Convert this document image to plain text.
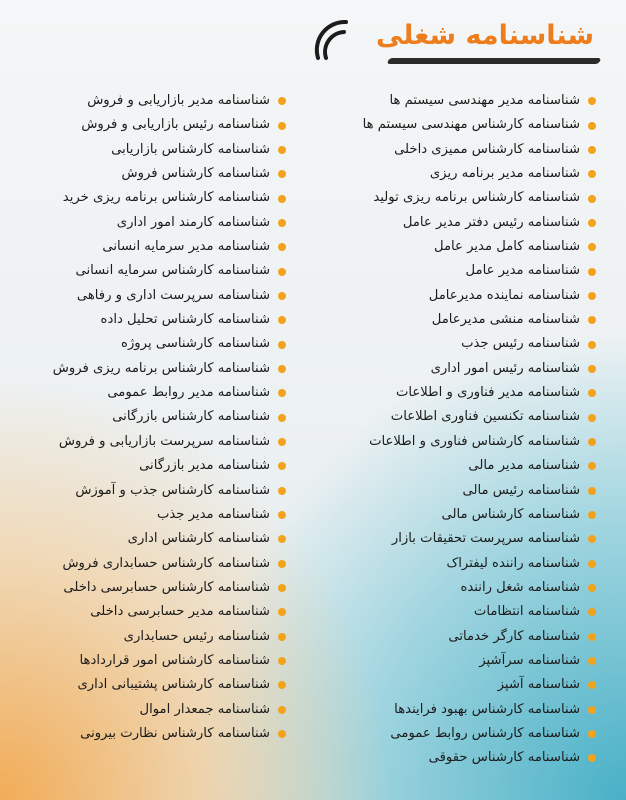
شناسنامه شغلی
شناسنامه مدیر مهندسی سیستم ها
شناسنامه کارشناس مهندسی سیستم ها
شناسنامه کارشناس ممیزی داخلی
شناسنامه مدیر برنامه ریزی
شناسنامه کارشناس برنامه ریزی تولید
شناسنامه رئیس دفتر مدیر عامل
شناسنامه کامل مدیر عامل
شناسنامه مدیر عامل
شناسنامه نماینده مدیرعامل
شناسنامه منشی مدیرعامل
شناسنامه رئیس جذب
شناسنامه رئیس امور اداری
شناسنامه مدیر فناوری و اطلاعات
شناسنامه تکنسین فناوری اطلاعات
شناسنامه کارشناس فناوری و اطلاعات
شناسنامه مدیر مالی
شناسنامه رئیس مالی
شناسنامه کارشناس مالی
شناسنامه سرپرست تحقیقات بازار
شناسنامه راننده لیفتراک
شناسنامه شغل راننده
شناسنامه انتظامات
شناسنامه کارگر خدماتی
شناسنامه سرآشپز
شناسنامه آشپز
شناسنامه کارشناس بهبود فرایندها
شناسنامه کارشناس روابط عمومی
شناسنامه کارشناس حقوقی
شناسنامه مدیر بازاریابی و فروش
شناسنامه رئیس بازاریابی و فروش
شناسنامه کارشناس بازاریابی
شناسنامه کارشناس فروش
شناسنامه کارشناس برنامه ریزی خرید
شناسنامه کارمند امور اداری
شناسنامه مدیر سرمایه انسانی
شناسنامه کارشناس سرمایه انسانی
شناسنامه سرپرست اداری و رفاهی
شناسنامه کارشناس تحلیل داده
شناسنامه کارشناسی پروژه
شناسنامه کارشناس برنامه ریزی فروش
شناسنامه مدیر روابط عمومی
شناسنامه کارشناس بازرگانی
شناسنامه سرپرست بازاریابی و فروش
شناسنامه مدیر بازرگانی
شناسنامه کارشناس جذب و آموزش
شناسنامه مدیر جذب
شناسنامه کارشناس اداری
شناسنامه کارشناس حسابداری فروش
شناسنامه کارشناس حسابرسی داخلی
شناسنامه مدیر حسابرسی داخلی
شناسنامه رئیس حسابداری
شناسنامه کارشناس امور قراردادها
شناسنامه کارشناس پشتیبانی اداری
شناسنامه جمعدار اموال
شناسنامه کارشناس نظارت بیرونی
